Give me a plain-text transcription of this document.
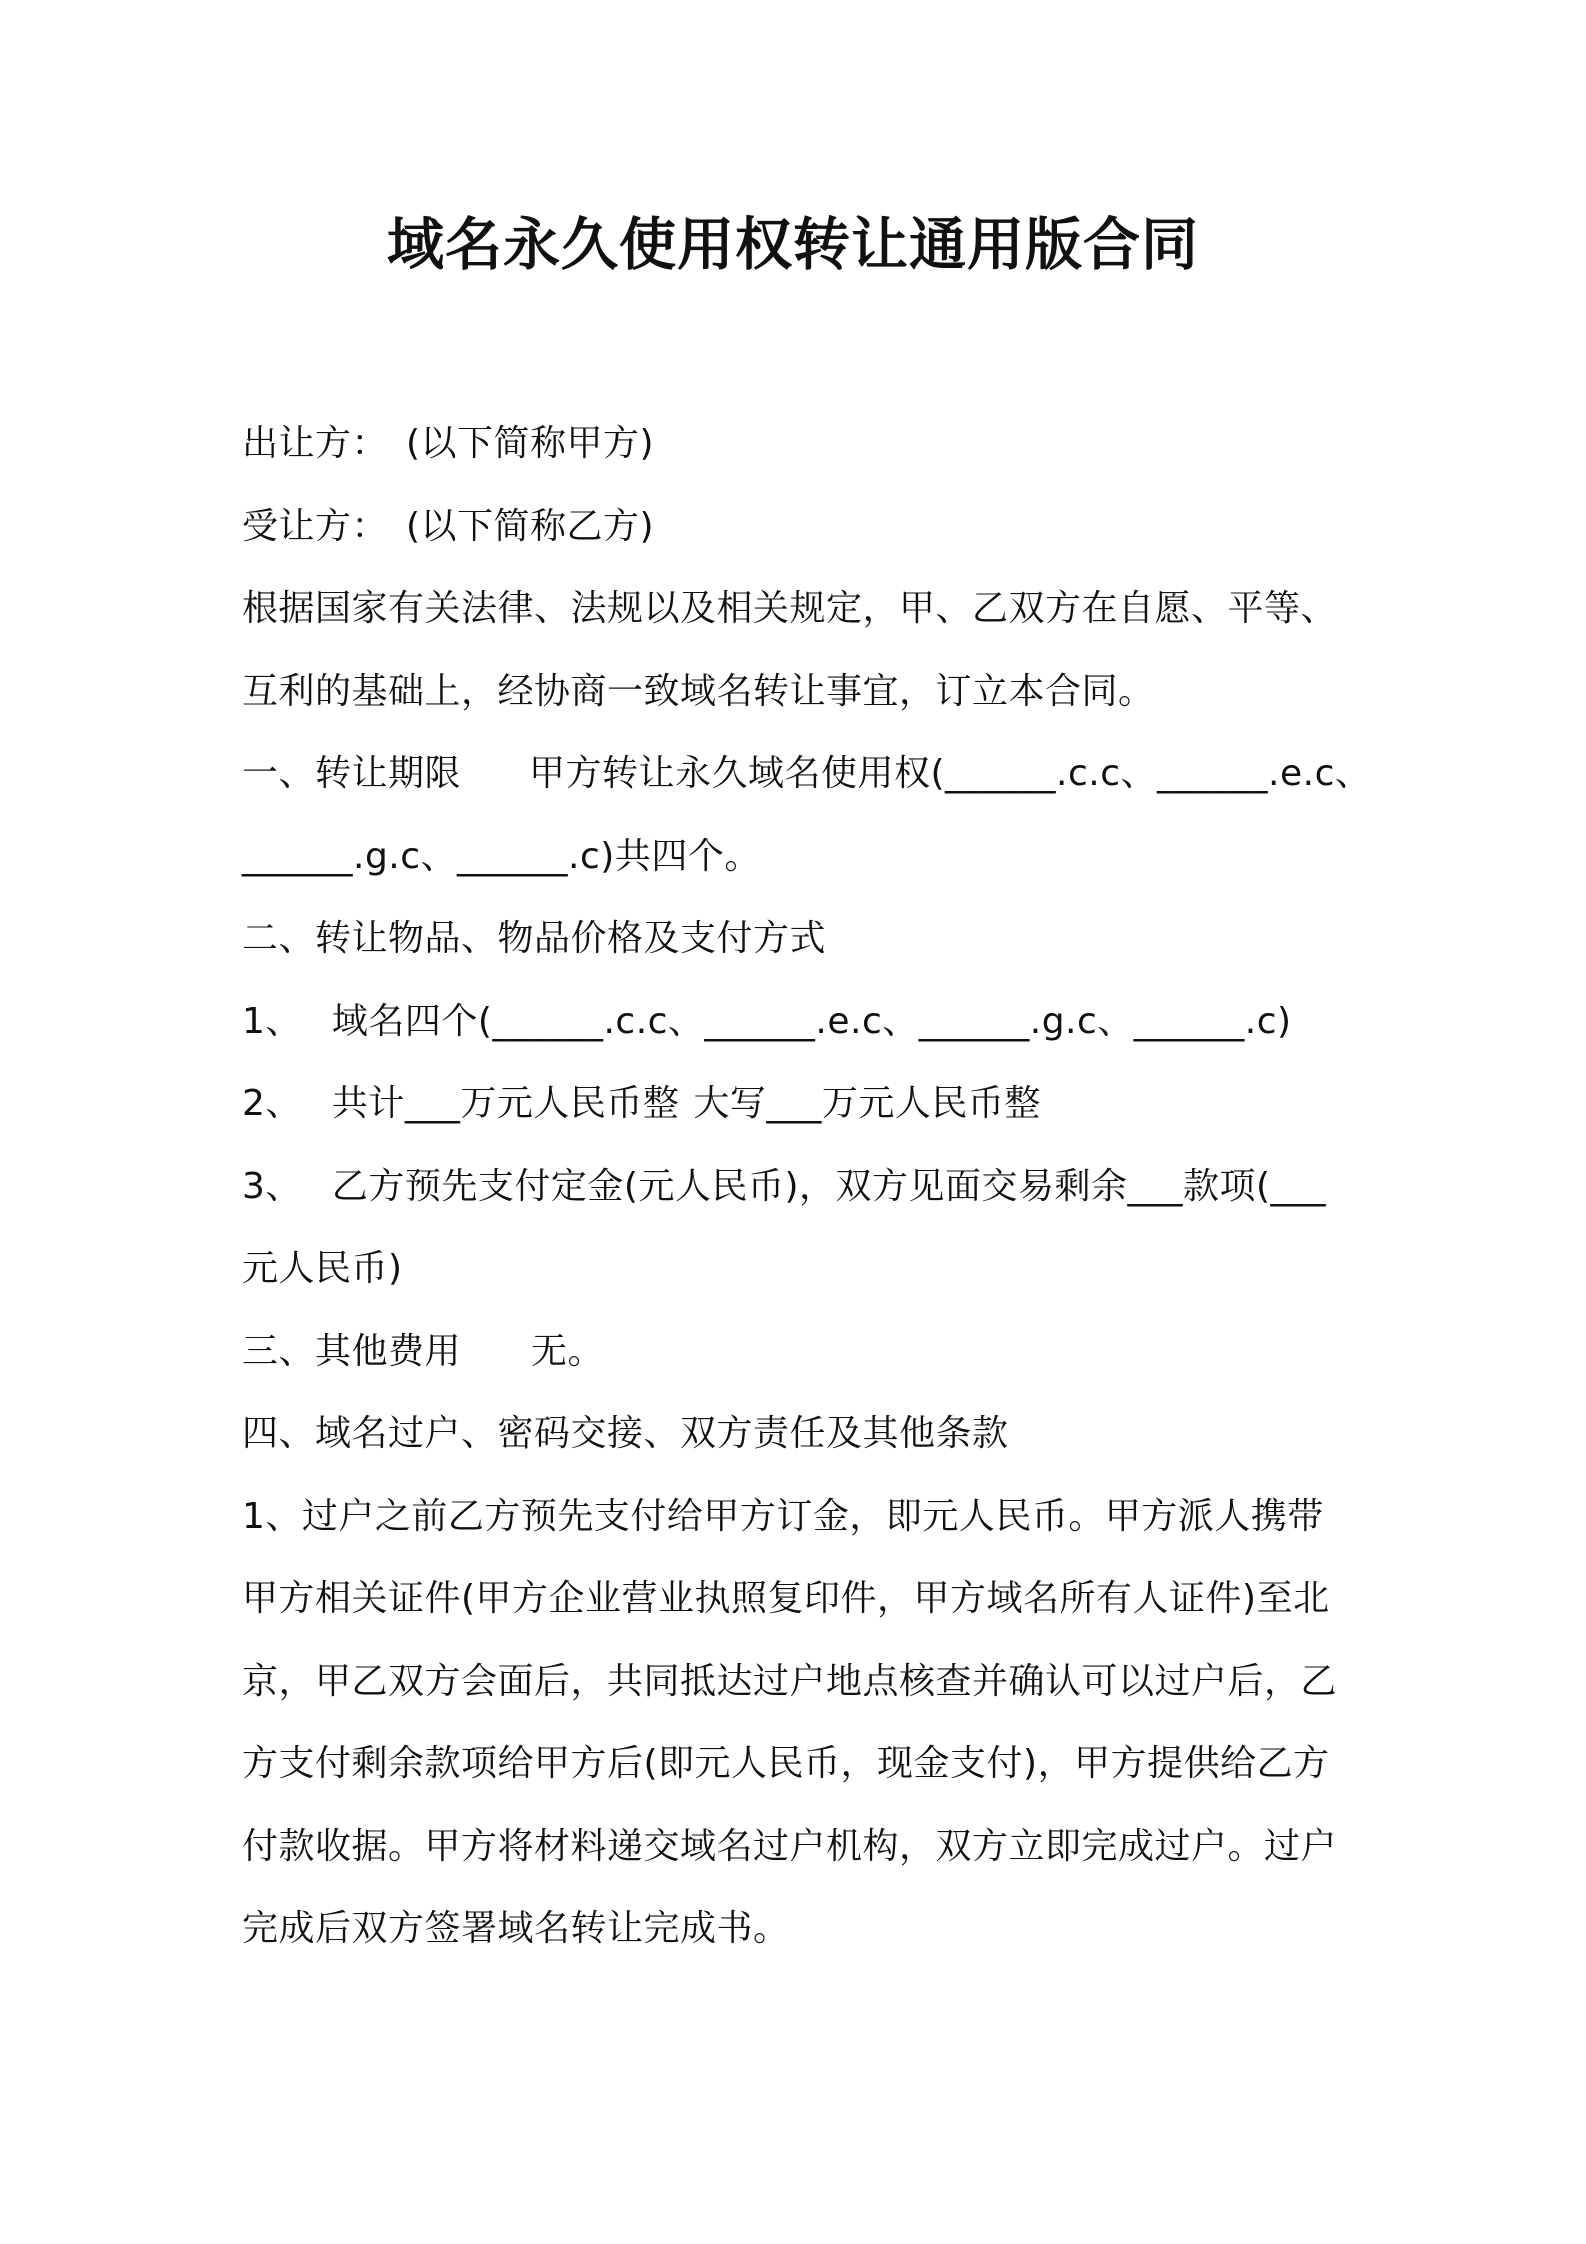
域名永久使用权转让通用版合同
出让方： (以下简称甲方)
受让方： (以下简称乙方)
根据国家有关法律、法规以及相关规定，甲、乙双方在自愿、平等、
互利的基础上，经协商一致域名转让事宜，订立本合同。
一、转让期限 甲方转让永久域名使用权(______.c.c、______.e.c、
______.g.c、______.c)共四个。
二、转让物品、物品价格及支付方式
1、 域名四个(______.c.c、______.e.c、______.g.c、______.c)
2、 共计___万元人民币整 大写___万元人民币整
3、 乙方预先支付定金(元人民币)，双方见面交易剩余___款项(___
元人民币)
三、其他费用 无。
四、域名过户、密码交接、双方责任及其他条款
1、过户之前乙方预先支付给甲方订金，即元人民币。甲方派人携带
甲方相关证件(甲方企业营业执照复印件，甲方域名所有人证件)至北
京，甲乙双方会面后，共同抵达过户地点核查并确认可以过户后，乙
方支付剩余款项给甲方后(即元人民币，现金支付)，甲方提供给乙方
付款收据。甲方将材料递交域名过户机构，双方立即完成过户。过户
完成后双方签署域名转让完成书。
